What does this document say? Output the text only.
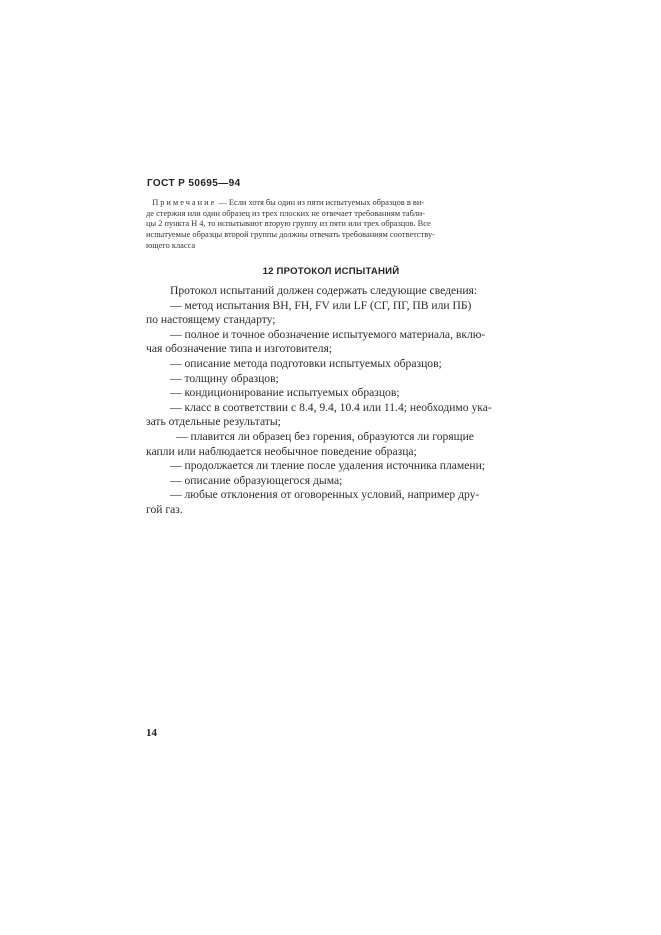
ГОСТ Р 50695—94
Примечание — Если хотя бы один из пяти испытуемых образцов в ви-
де стержня или один образец из трех плоских не отвечает требованиям табли-
цы 2 пункта Н 4, то испытывают вторую группу из пяти или трех образцов. Все
испытуемые образцы второй группы должны отвечать требованиям соответству-
ющего класса
12 ПРОТОКОЛ ИСПЫТАНИЙ
Протокол испытаний должен содержать следующие сведения:
— метод испытания ВН, FH, FV или LF (СГ, ПГ, ПВ или ПБ)
по настоящему стандарту;
— полное и точное обозначение испытуемого материала, вклю-
чая обозначение типа и изготовителя;
— описание метода подготовки испытуемых образцов;
— толщину образцов;
— кондиционирование испытуемых образцов;
— класс в соответствии с 8.4, 9.4, 10.4 или 11.4; необходимо ука-
зать отдельные результаты;
— плавится ли образец без горения, образуются ли горящие
капли или наблюдается необычное поведение образца;
— продолжается ли тление после удаления источника пламени;
— описание образующегося дыма;
— любые отклонения от оговоренных условий, например дру-
гой газ.
14
